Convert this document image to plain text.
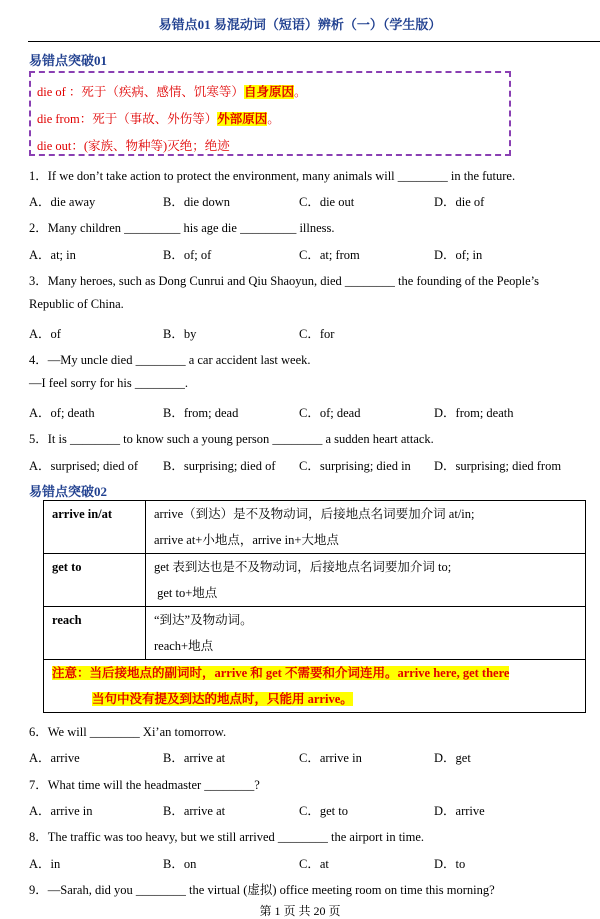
易错点01 易混动词（短语）辨析（一）（学生版）
易错点突破01
die of ：死于（疾病、感情、饥寒等）自身原因。
die from：死于（事故、外伤等）外部原因。
die out：(家族、物种等)灭绝；绝迹
1．If we don’t take action to protect the environment, many animals will ________ in the future.
A．die away	B．die down	C．die out	D．die of
2．Many children _________ his age die _________ illness.
A．at; in	B．of; of	C．at; from	D．of; in
3．Many heroes, such as Dong Cunrui and Qiu Shaoyun, died ________ the founding of the People’s
Republic of China.
A．of	B．by	C．for
4．—My uncle died ________ a car accident last week.
—I feel sorry for his ________.
A．of; death	B．from; dead	C．of; dead	D．from; death
5．It is ________ to know such a young person ________ a sudden heart attack.
A．surprised; died of B．surprising; died of C．surprising; died in D．surprising; died from
易错点突破02
arrive in/at	arrive（到达）是不及物动词，后接地点名词要加介词 at/in;
arrive at+小地点，arrive in+大地点

get to	get 表到达也是不及物动词，后接地点名词要加介词 to;
get to+地点

reach	“到达”及物动词。
reach+地点

注意：当后接地点的副词时，arrive 和 get 不需要和介词连用。arrive here, get there
当句中没有提及到达的地点时，只能用 arrive。	
6．We will ________ Xi’an tomorrow.
A．arrive	B．arrive at	C．arrive in	D．get
7．What time will the headmaster ________?
A．arrive in	B．arrive at	C．get to	D．arrive
8．The traffic was too heavy, but we still arrived ________ the airport in time.
A．in	B．on	C．at	D．to
9．—Sarah, did you ________ the virtual (虚拟) office meeting room on time this morning?
第 1 页 共 20 页
